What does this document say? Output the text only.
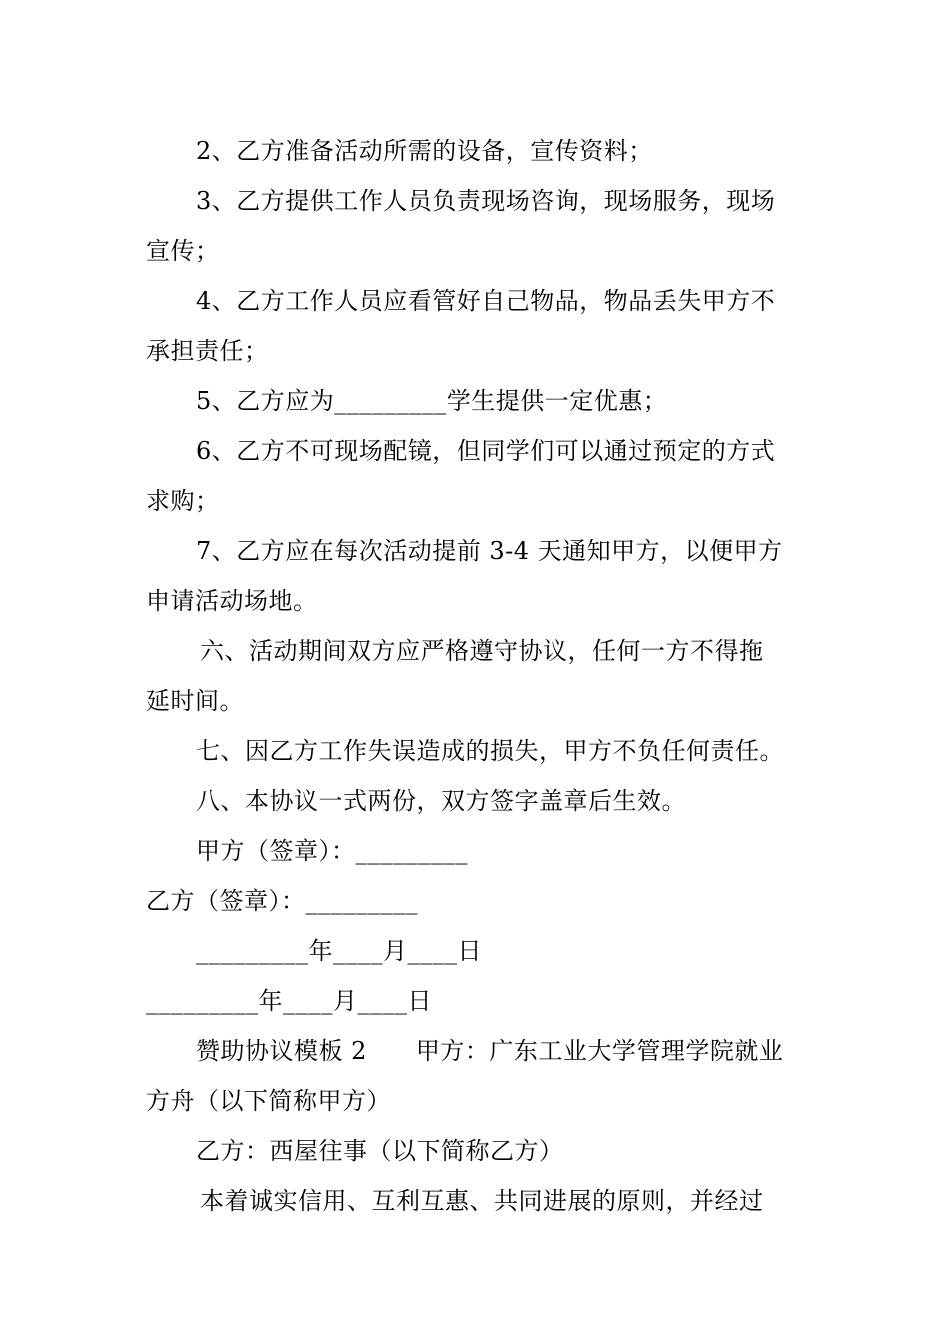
2、乙方准备活动所需的设备，宣传资料；
3、乙方提供工作人员负责现场咨询，现场服务，现场
宣传；
4、乙方工作人员应看管好自己物品，物品丢失甲方不
承担责任；
5、乙方应为_________学生提供一定优惠；
6、乙方不可现场配镜，但同学们可以通过预定的方式
求购；
7、乙方应在每次活动提前 3-4 天通知甲方，以便甲方
申请活动场地。
六、活动期间双方应严格遵守协议，任何一方不得拖
延时间。
七、因乙方工作失误造成的损失，甲方不负任何责任。
八、本协议一式两份，双方签字盖章后生效。
甲方（签章）：_________
乙方（签章）：_________
_________年____月____日
_________年____月____日
赞助协议模板 2　　甲方：广东工业大学管理学院就业
方舟（以下简称甲方）
乙方：西屋往事（以下简称乙方）
本着诚实信用、互利互惠、共同进展的原则，并经过
